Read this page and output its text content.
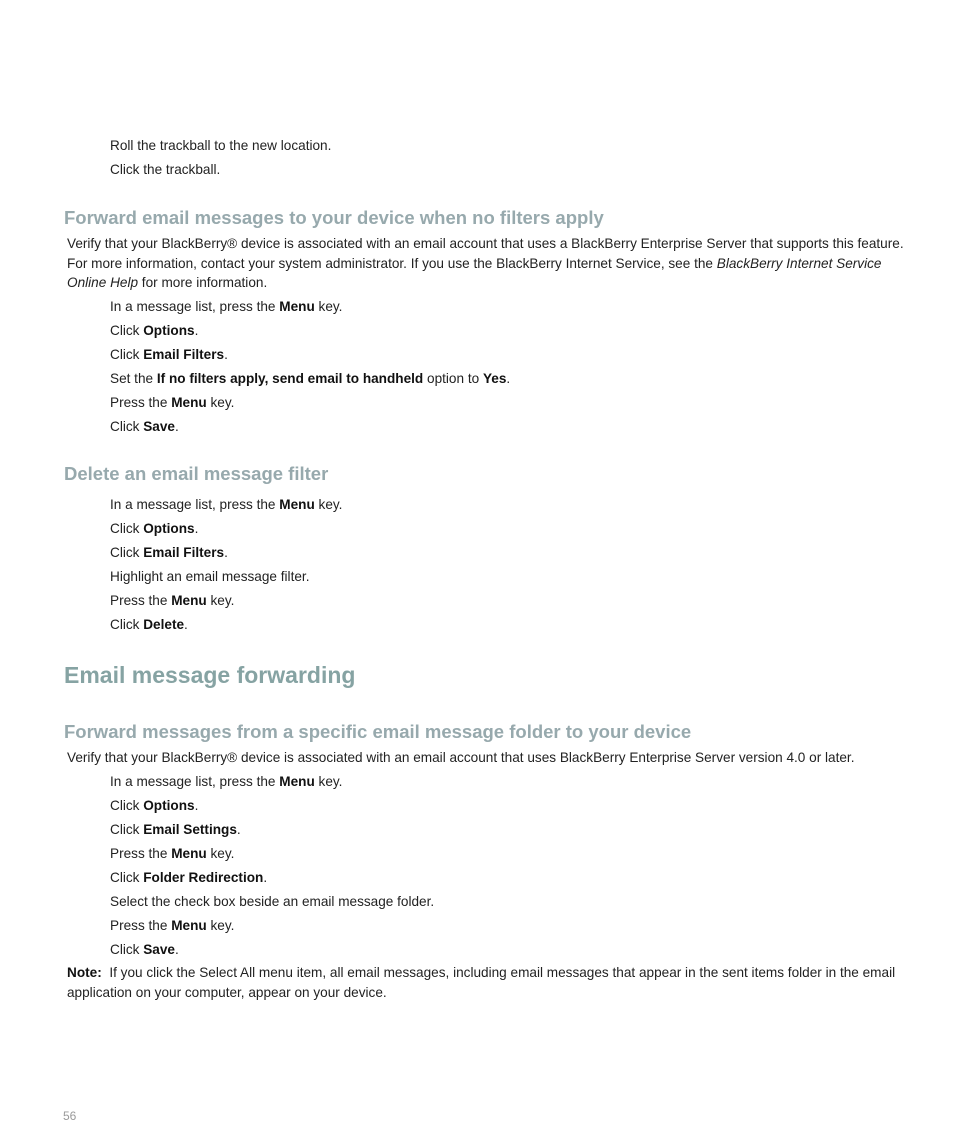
Roll the trackball to the new location.
Click the trackball.
Forward email messages to your device when no filters apply
Verify that your BlackBerry® device is associated with an email account that uses a BlackBerry Enterprise Server that supports this feature.
For more information, contact your system administrator. If you use the BlackBerry Internet Service, see the BlackBerry Internet Service
Online Help for more information.
In a message list, press the Menu key.
Click Options.
Click Email Filters.
Set the If no filters apply, send email to handheld option to Yes.
Press the Menu key.
Click Save.
Delete an email message filter
In a message list, press the Menu key.
Click Options.
Click Email Filters.
Highlight an email message filter.
Press the Menu key.
Click Delete.
Email message forwarding
Forward messages from a specific email message folder to your device
Verify that your BlackBerry® device is associated with an email account that uses BlackBerry Enterprise Server version 4.0 or later.
In a message list, press the Menu key.
Click Options.
Click Email Settings.
Press the Menu key.
Click Folder Redirection.
Select the check box beside an email message folder.
Press the Menu key.
Click Save.
Note: If you click the Select All menu item, all email messages, including email messages that appear in the sent items folder in the email
application on your computer, appear on your device.
56
